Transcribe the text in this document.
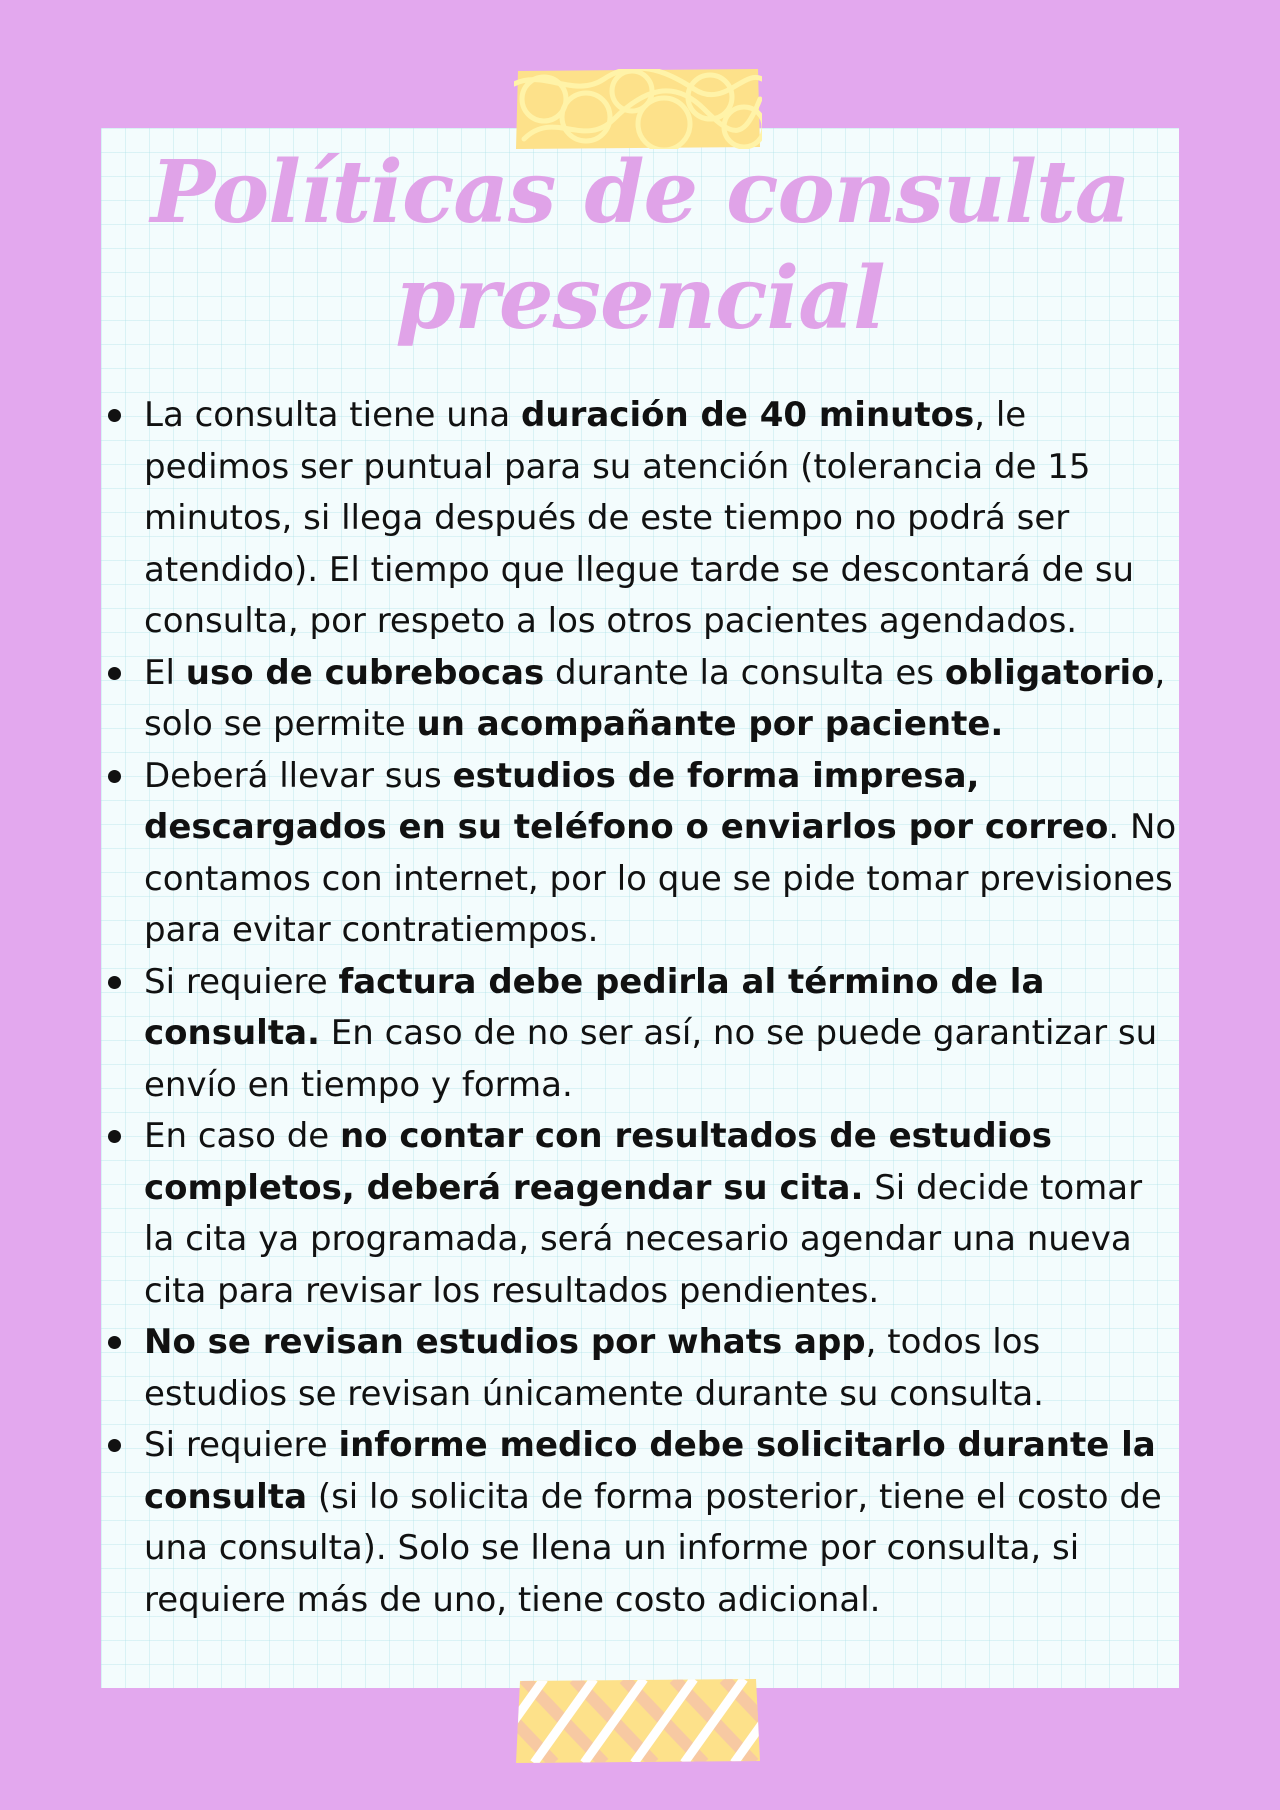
Políticas de consulta
presencial
La consulta tiene una duración de 40 minutos, le pedimos ser puntual para su atención (tolerancia de 15 minutos, si llega después de este tiempo no podrá ser atendido). El tiempo que llegue tarde se descontará de su consulta, por respeto a los otros pacientes agendados.
El uso de cubrebocas durante la consulta es obligatorio, solo se permite un acompañante por paciente.
Deberá llevar sus estudios de forma impresa, descargados en su teléfono o enviarlos por correo. No contamos con internet, por lo que se pide tomar previsiones para evitar contratiempos.
Si requiere factura debe pedirla al término de la consulta. En caso de no ser así, no se puede garantizar su envío en tiempo y forma.
En caso de no contar con resultados de estudios completos, deberá reagendar su cita. Si decide tomar la cita ya programada, será necesario agendar una nueva cita para revisar los resultados pendientes.
No se revisan estudios por whats app, todos los estudios se revisan únicamente durante su consulta.
Si requiere informe medico debe solicitarlo durante la consulta (si lo solicita de forma posterior, tiene el costo de una consulta). Solo se llena un informe por consulta, si requiere más de uno, tiene costo adicional.
